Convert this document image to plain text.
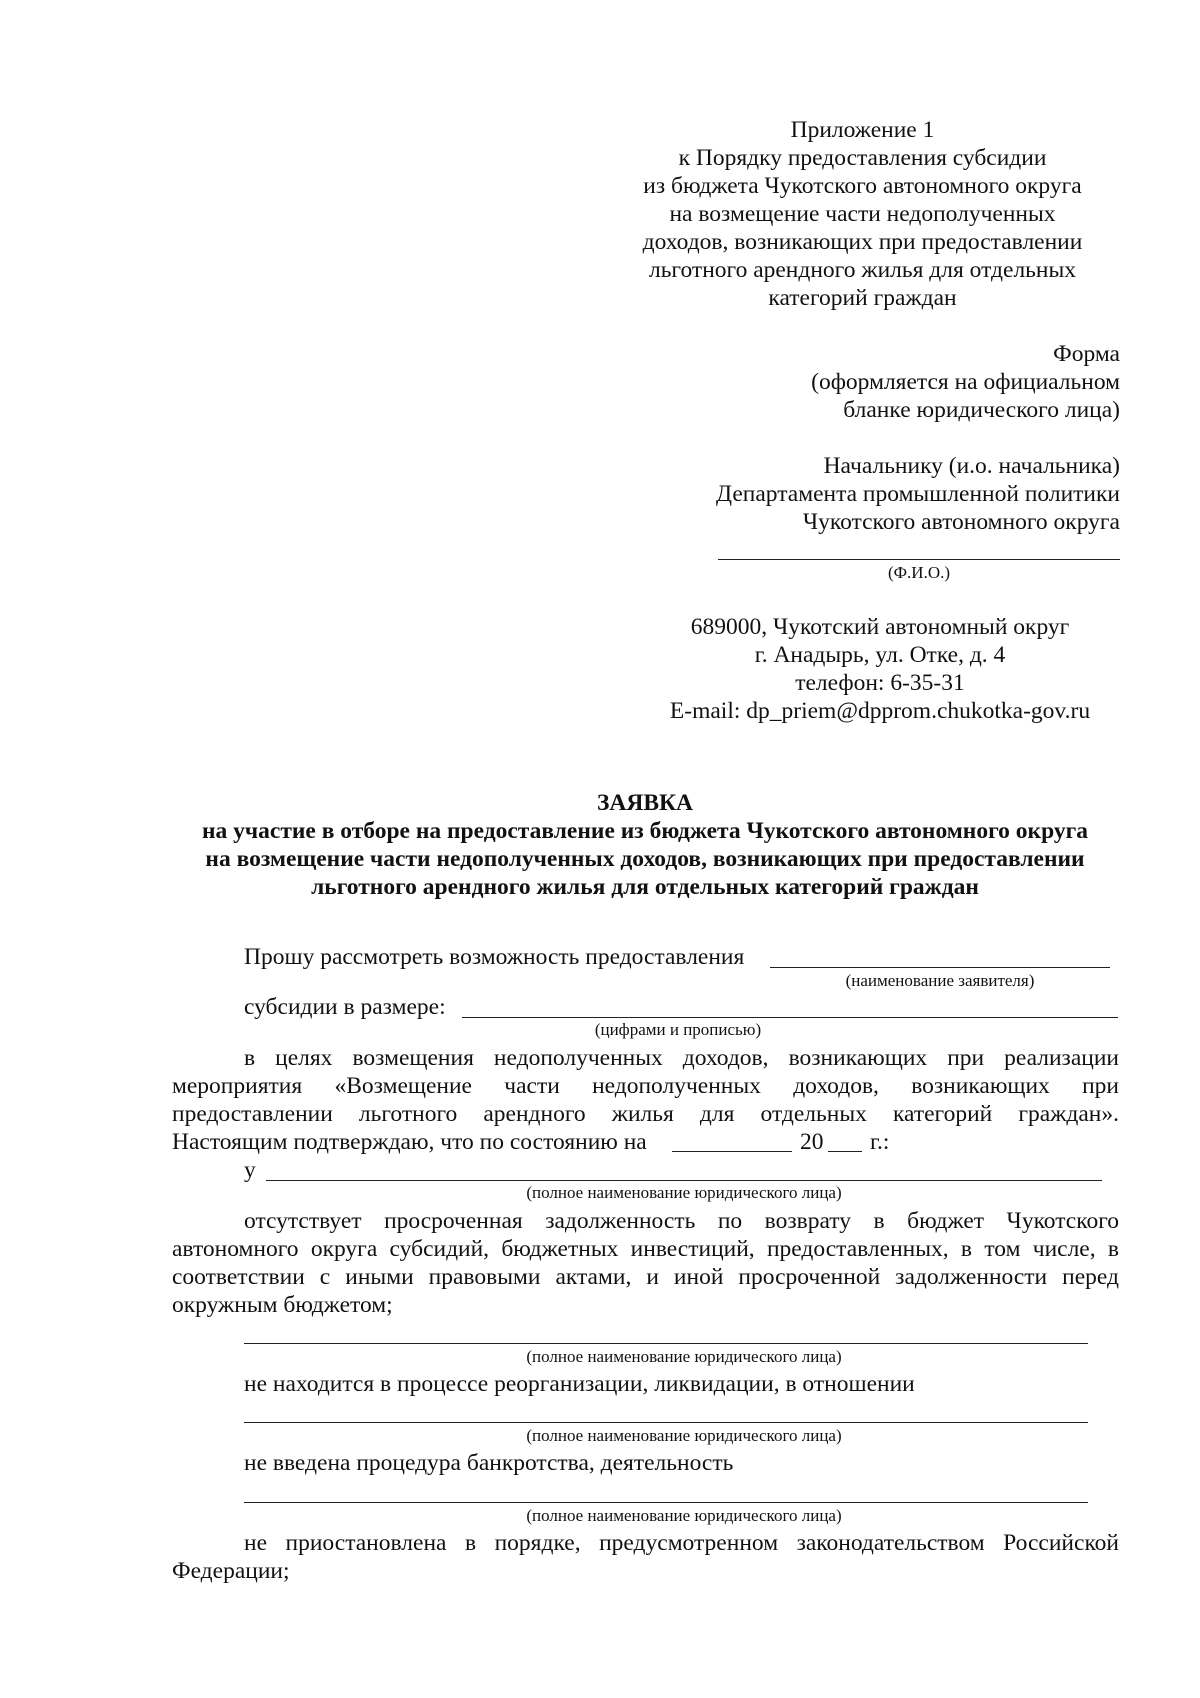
Приложение 1
к Порядку предоставления субсидии
из бюджета Чукотского автономного округа
на возмещение части недополученных
доходов, возникающих при предоставлении
льготного арендного жилья для отдельных
категорий граждан
Форма
(оформляется на официальном
бланке юридического лица)
Начальнику (и.о. начальника)
Департамента промышленной политики
Чукотского автономного округа
(Ф.И.О.)
689000, Чукотский автономный округ
г. Анадырь, ул. Отке, д. 4
телефон: 6-35-31
E-mail: dp_priem@dpprom.chukotka-gov.ru
ЗАЯВКА
на участие в отборе на предоставление из бюджета Чукотского автономного округа
на возмещение части недополученных доходов, возникающих при предоставлении
льготного арендного жилья для отдельных категорий граждан
Прошу рассмотреть возможность предоставления
(наименование заявителя)
субсидии в размере:
(цифрами и прописью)
в целях возмещения недополученных доходов, возникающих при реализации
мероприятия «Возмещение части недополученных доходов, возникающих при
предоставлении льготного арендного жилья для отдельных категорий граждан».
Настоящим подтверждаю, что по состоянию на	20 г.:
у
(полное наименование юридического лица)
отсутствует просроченная задолженность по возврату в бюджет Чукотского
автономного округа субсидий, бюджетных инвестиций, предоставленных, в том числе, в
соответствии с иными правовыми актами, и иной просроченной задолженности перед
окружным бюджетом;
(полное наименование юридического лица)
не находится в процессе реорганизации, ликвидации, в отношении
(полное наименование юридического лица)
не введена процедура банкротства, деятельность
(полное наименование юридического лица)
не приостановлена в порядке, предусмотренном законодательством Российской
Федерации;
